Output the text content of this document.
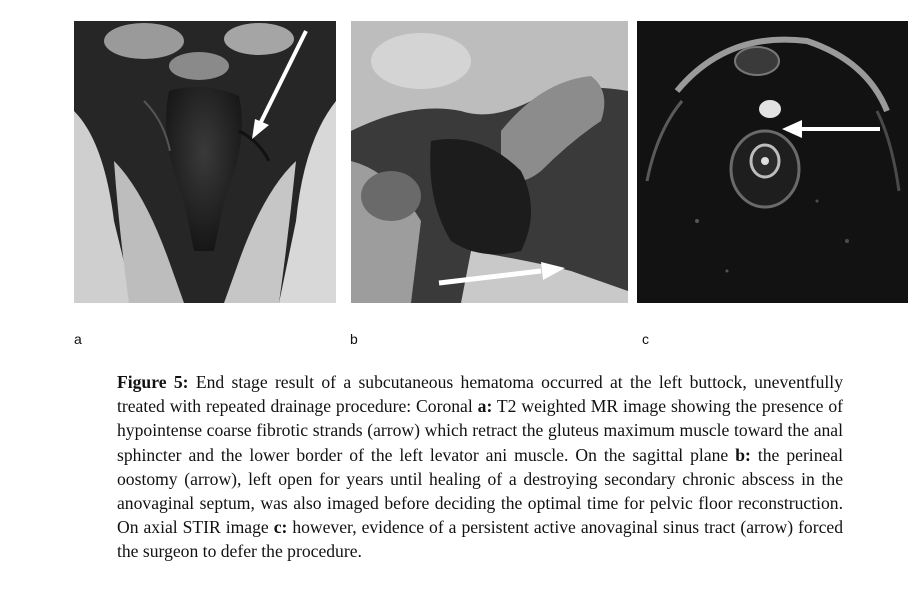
a	b	c
Figure 5: End stage result of a subcutaneous hematoma occurred at the left buttock, uneventfully treated with repeated drainage procedure: Coronal a: T2 weighted MR image showing the presence of hypointense coarse fibrotic strands (arrow) which retract the gluteus maximum muscle toward the anal sphincter and the lower border of the left levator ani muscle. On the sagittal plane b: the perineal oostomy (arrow), left open for years until healing of a destroying secondary chronic abscess in the anovaginal septum, was also imaged before deciding the optimal time for pelvic floor reconstruction. On axial STIR image c: however, evidence of a persistent active anovaginal sinus tract (arrow) forced the surgeon to defer the procedure.
